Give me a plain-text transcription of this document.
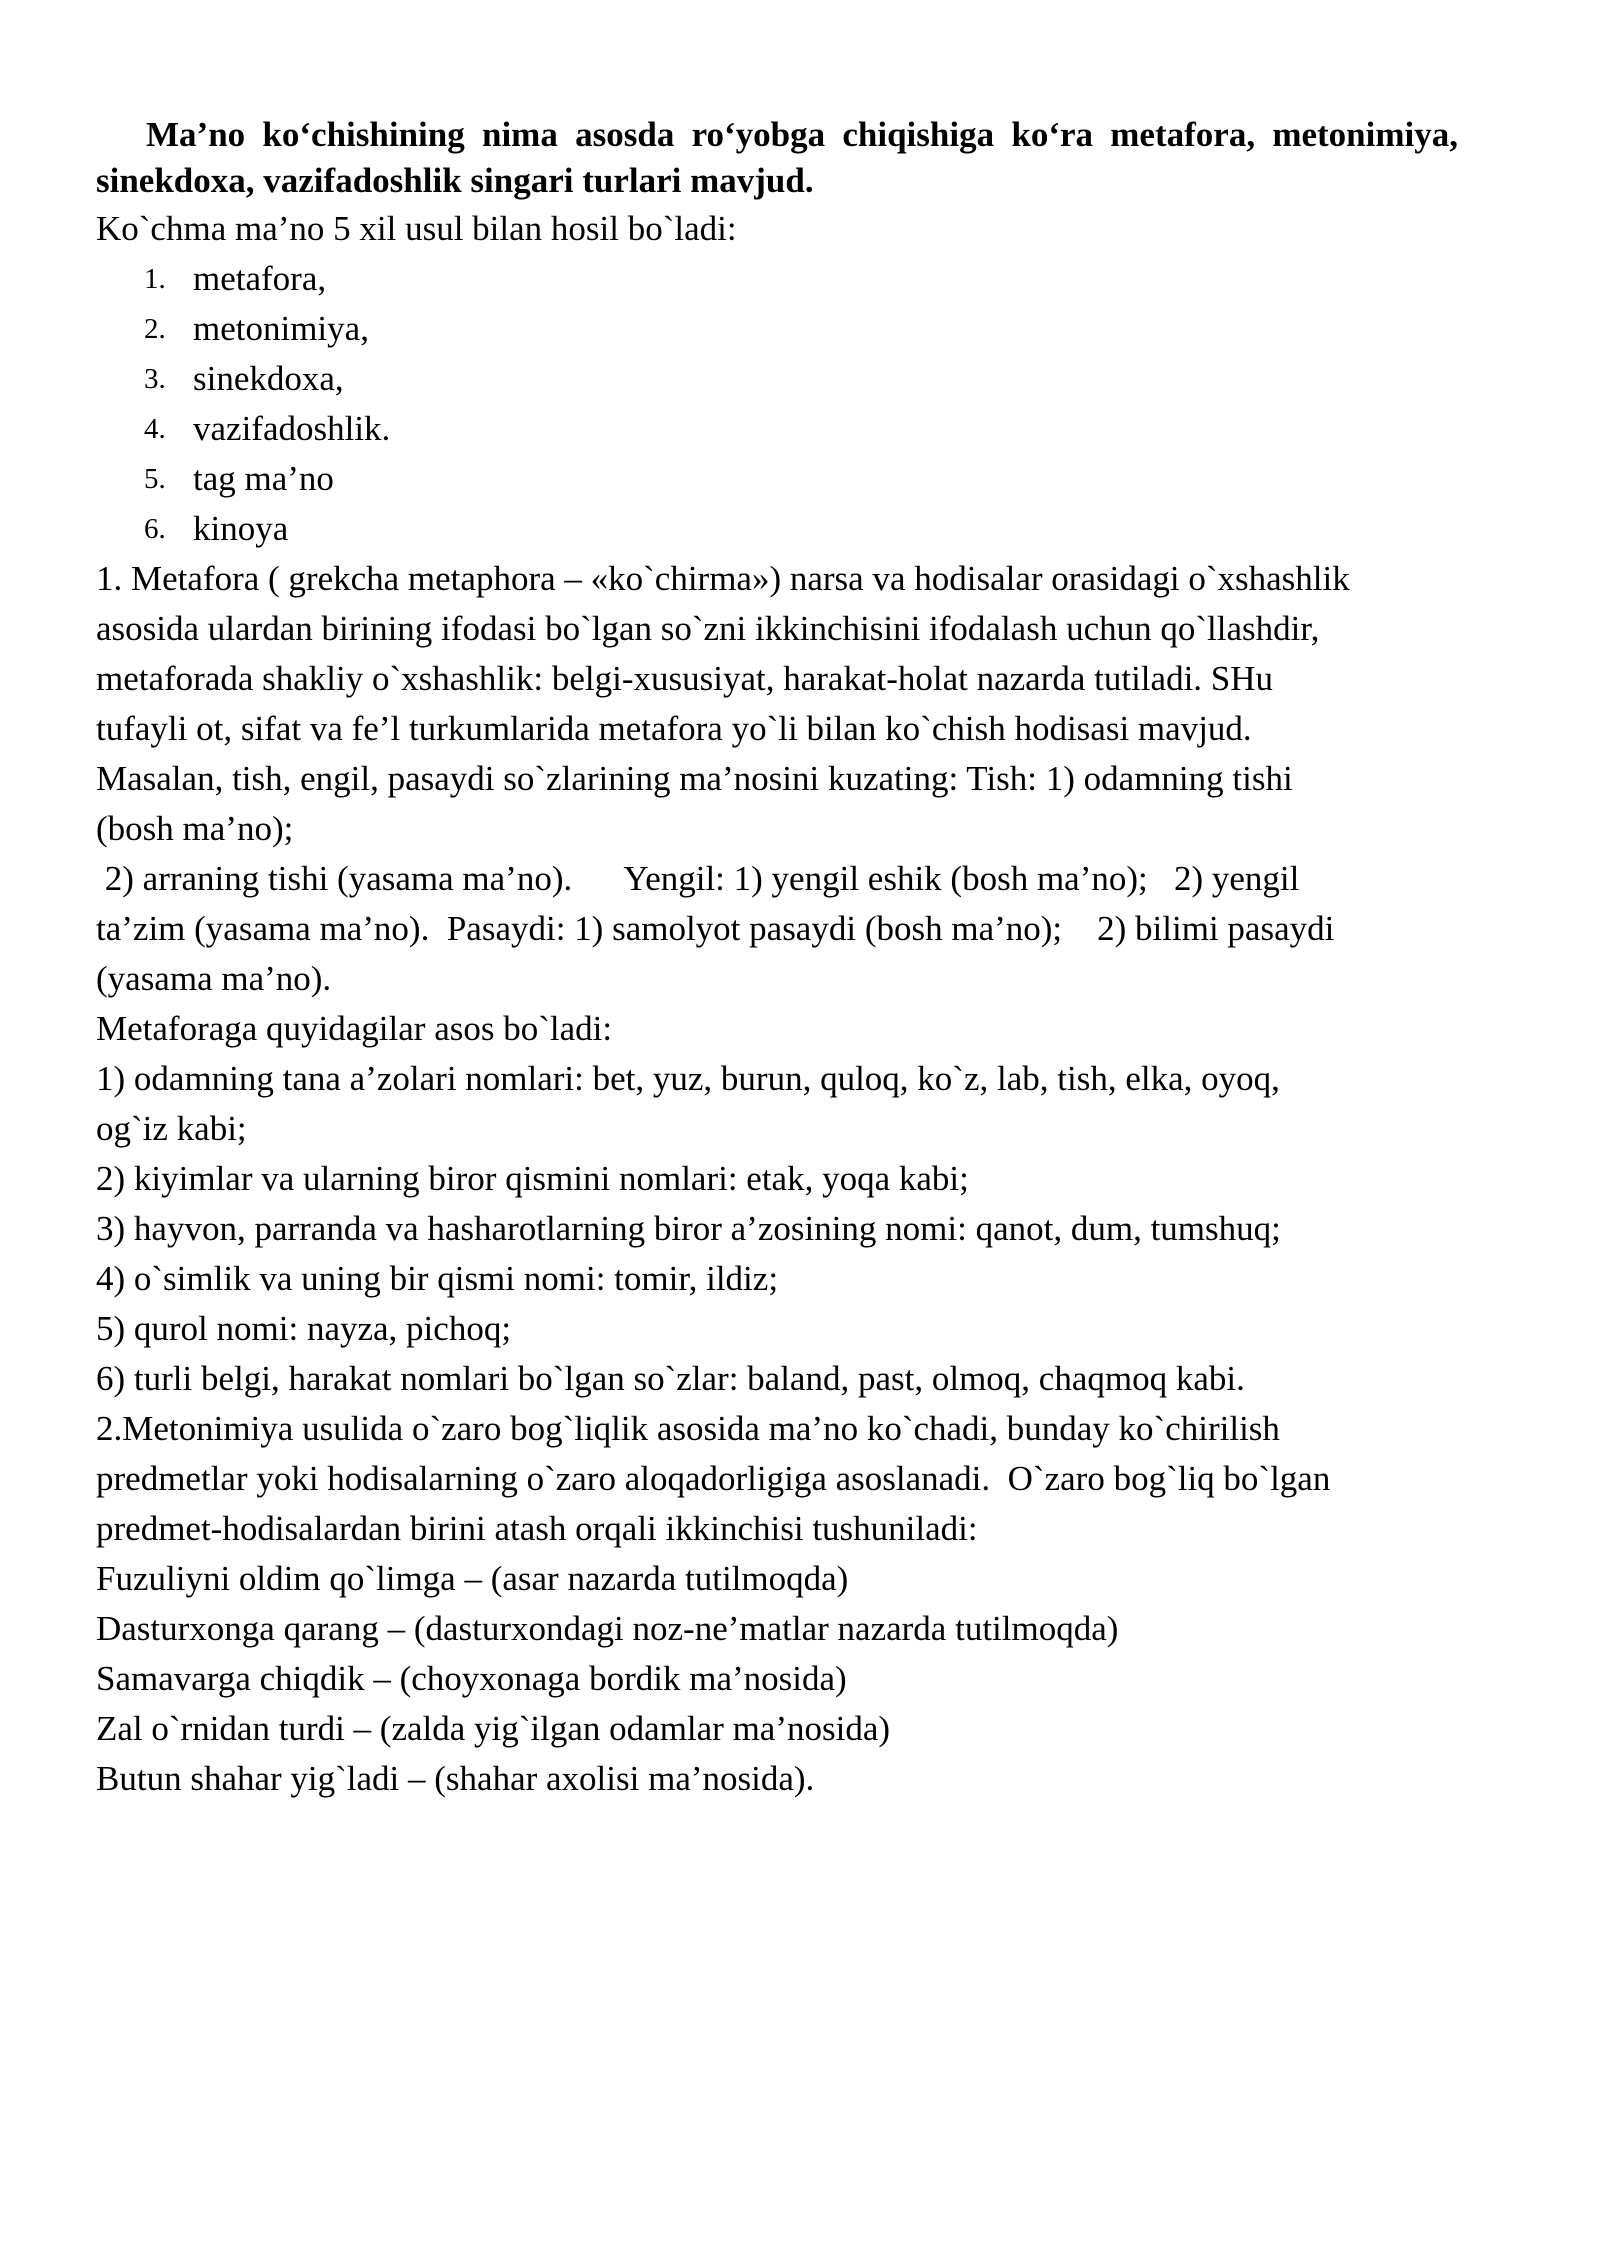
Ma’no ko‘chishining nima asosda ro‘yobga chiqishiga ko‘ra metafora, metonimiya, sinekdoxa, vazifadoshlik singari turlari mavjud.

Ko`chma ma’no 5 xil usul bilan hosil bo`ladi:

1. metafora,
2. metonimiya,
3. sinekdoxa,
4. vazifadoshlik.
5. tag ma’no
6. kinoya

1. Metafora ( grekcha metaphora – «ko`chirma») narsa va hodisalar orasidagi o`xshashlik

asosida ulardan birining ifodasi bo`lgan so`zni ikkinchisini ifodalash uchun qo`llashdir,

metaforada shakliy o`xshashlik: belgi-xususiyat, harakat-holat nazarda tutiladi. SHu

tufayli ot, sifat va fe’l turkumlarida metafora yo`li bilan ko`chish hodisasi mavjud.

Masalan, tish, engil, pasaydi so`zlarining ma’nosini kuzating: Tish: 1) odamning tishi

(bosh ma’no);

2) arraning tishi (yasama ma’no).      Yengil: 1) yengil eshik (bosh ma’no);   2) yengil

ta’zim (yasama ma’no).  Pasaydi: 1) samolyot pasaydi (bosh ma’no);    2) bilimi pasaydi

(yasama ma’no).

Metaforaga quyidagilar asos bo`ladi:

1) odamning tana a’zolari nomlari: bet, yuz, burun, quloq, ko`z, lab, tish, elka, oyoq,

og`iz kabi;

2) kiyimlar va ularning biror qismini nomlari: etak, yoqa kabi;

3) hayvon, parranda va hasharotlarning biror a’zosining nomi: qanot, dum, tumshuq;

4) o`simlik va uning bir qismi nomi: tomir, ildiz;

5) qurol nomi: nayza, pichoq;

6) turli belgi, harakat nomlari bo`lgan so`zlar: baland, past, olmoq, chaqmoq kabi.

2.Metonimiya usulida o`zaro bog`liqlik asosida ma’no ko`chadi, bunday ko`chirilish

predmetlar yoki hodisalarning o`zaro aloqadorligiga asoslanadi.  O`zaro bog`liq bo`lgan

predmet-hodisalardan birini atash orqali ikkinchisi tushuniladi:

Fuzuliyni oldim qo`limga – (asar nazarda tutilmoqda)

Dasturxonga qarang – (dasturxondagi noz-ne’matlar nazarda tutilmoqda)

Samavarga chiqdik – (choyxonaga bordik ma’nosida)

Zal o`rnidan turdi – (zalda yig`ilgan odamlar ma’nosida)

Butun shahar yig`ladi – (shahar axolisi ma’nosida).
